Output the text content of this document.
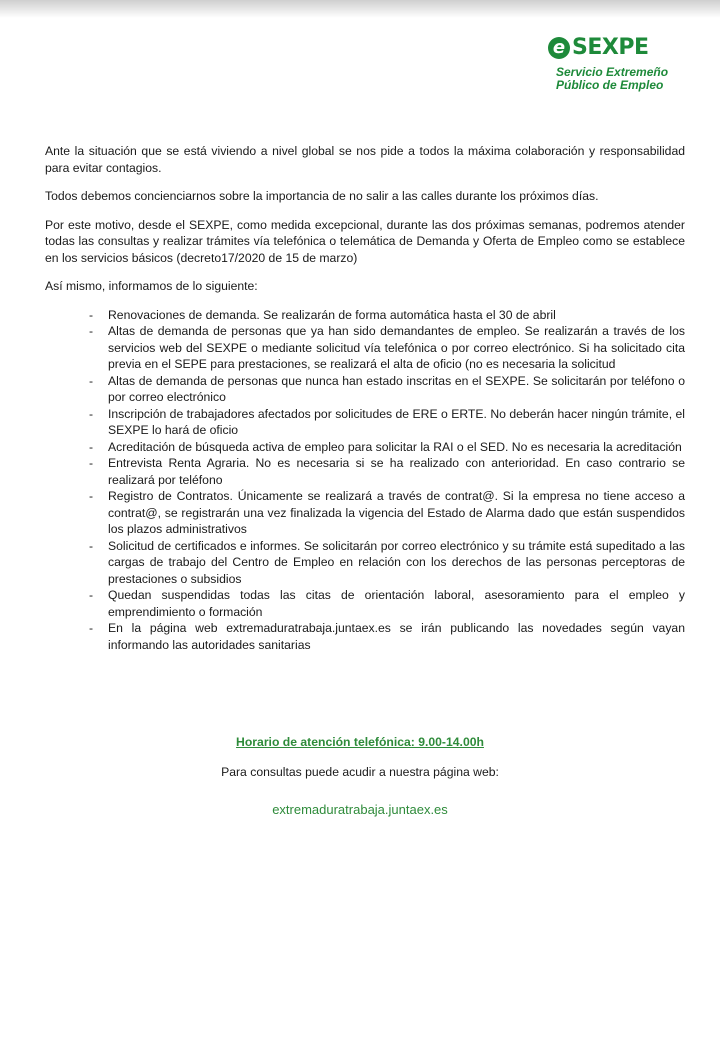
e SEXPE
Servicio Extremeño
Público de Empleo

Ante la situación que se está viviendo a nivel global se nos pide a todos la máxima colaboración y responsabilidad para evitar contagios.

Todos debemos concienciarnos sobre la importancia de no salir a las calles durante los próximos días.

Por este motivo, desde el SEXPE, como medida excepcional, durante las dos próximas semanas, podremos atender todas las consultas y realizar trámites vía telefónica o telemática de Demanda y Oferta de Empleo como se establece en los servicios básicos (decreto17/2020 de 15 de marzo)

Así mismo, informamos de lo siguiente:

- Renovaciones de demanda. Se realizarán de forma automática hasta el 30 de abril
- Altas de demanda de personas que ya han sido demandantes de empleo. Se realizarán a través de los servicios web del SEXPE o mediante solicitud vía telefónica o por correo electrónico. Si ha solicitado cita previa en el SEPE para prestaciones, se realizará el alta de oficio (no es necesaria la solicitud
- Altas de demanda de personas que nunca han estado inscritas en el SEXPE. Se solicitarán por teléfono o por correo electrónico
- Inscripción de trabajadores afectados por solicitudes de ERE o ERTE. No deberán hacer ningún trámite, el SEXPE lo hará de oficio
- Acreditación de búsqueda activa de empleo para solicitar la RAI o el SED. No es necesaria la acreditación
- Entrevista Renta Agraria. No es necesaria si se ha realizado con anterioridad. En caso contrario se realizará por teléfono
- Registro de Contratos. Únicamente se realizará a través de contrat@. Si la empresa no tiene acceso a contrat@, se registrarán una vez finalizada la vigencia del Estado de Alarma dado que están suspendidos los plazos administrativos
- Solicitud de certificados e informes. Se solicitarán por correo electrónico y su trámite está supeditado a las cargas de trabajo del Centro de Empleo en relación con los derechos de las personas perceptoras de prestaciones o subsidios
- Quedan suspendidas todas las citas de orientación laboral, asesoramiento para el empleo y emprendimiento o formación
- En la página web extremaduratrabaja.juntaex.es se irán publicando las novedades según vayan informando las autoridades sanitarias
Horario de atención telefónica: 9.00-14.00h
Para consultas puede acudir a nuestra página web:
extremaduratrabaja.juntaex.es
